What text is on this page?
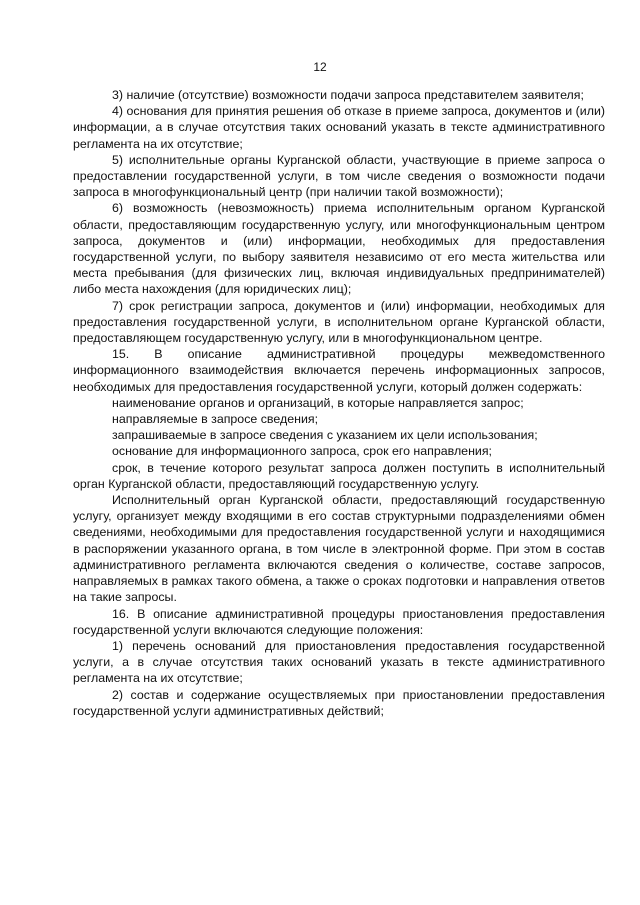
12

3) наличие (отсутствие) возможности подачи запроса представителем заявителя;

4) основания для принятия решения об отказе в приеме запроса, документов и (или) информации, а в случае отсутствия таких оснований указать в тексте административного регламента на их отсутствие;

5) исполнительные органы Курганской области, участвующие в приеме запроса о предоставлении государственной услуги, в том числе сведения о возможности подачи запроса в многофункциональный центр (при наличии такой возможности);

6) возможность (невозможность) приема исполнительным органом Курганской области, предоставляющим государственную услугу, или многофункциональным центром запроса, документов и (или) информации, необходимых для предоставления государственной услуги, по выбору заявителя независимо от его места жительства или места пребывания (для физических лиц, включая индивидуальных предпринимателей) либо места нахождения (для юридических лиц);

7) срок регистрации запроса, документов и (или) информации, необходимых для предоставления государственной услуги, в исполнительном органе Курганской области, предоставляющем государственную услугу, или в многофункциональном центре.

15. В описание административной процедуры межведомственного информационного взаимодействия включается перечень информационных запросов, необходимых для предоставления государственной услуги, который должен содержать:

наименование органов и организаций, в которые направляется запрос;

направляемые в запросе сведения;

запрашиваемые в запросе сведения с указанием их цели использования;

основание для информационного запроса, срок его направления;

срок, в течение которого результат запроса должен поступить в исполнительный орган Курганской области, предоставляющий государственную услугу.

Исполнительный орган Курганской области, предоставляющий государственную услугу, организует между входящими в его состав структурными подразделениями обмен сведениями, необходимыми для предоставления государственной услуги и находящимися в распоряжении указанного органа, в том числе в электронной форме. При этом в состав административного регламента включаются сведения о количестве, составе запросов, направляемых в рамках такого обмена, а также о сроках подготовки и направления ответов на такие запросы.

16. В описание административной процедуры приостановления предоставления государственной услуги включаются следующие положения:

1) перечень оснований для приостановления предоставления государственной услуги, а в случае отсутствия таких оснований указать в тексте административного регламента на их отсутствие;

2) состав и содержание осуществляемых при приостановлении предоставления государственной услуги административных действий;
